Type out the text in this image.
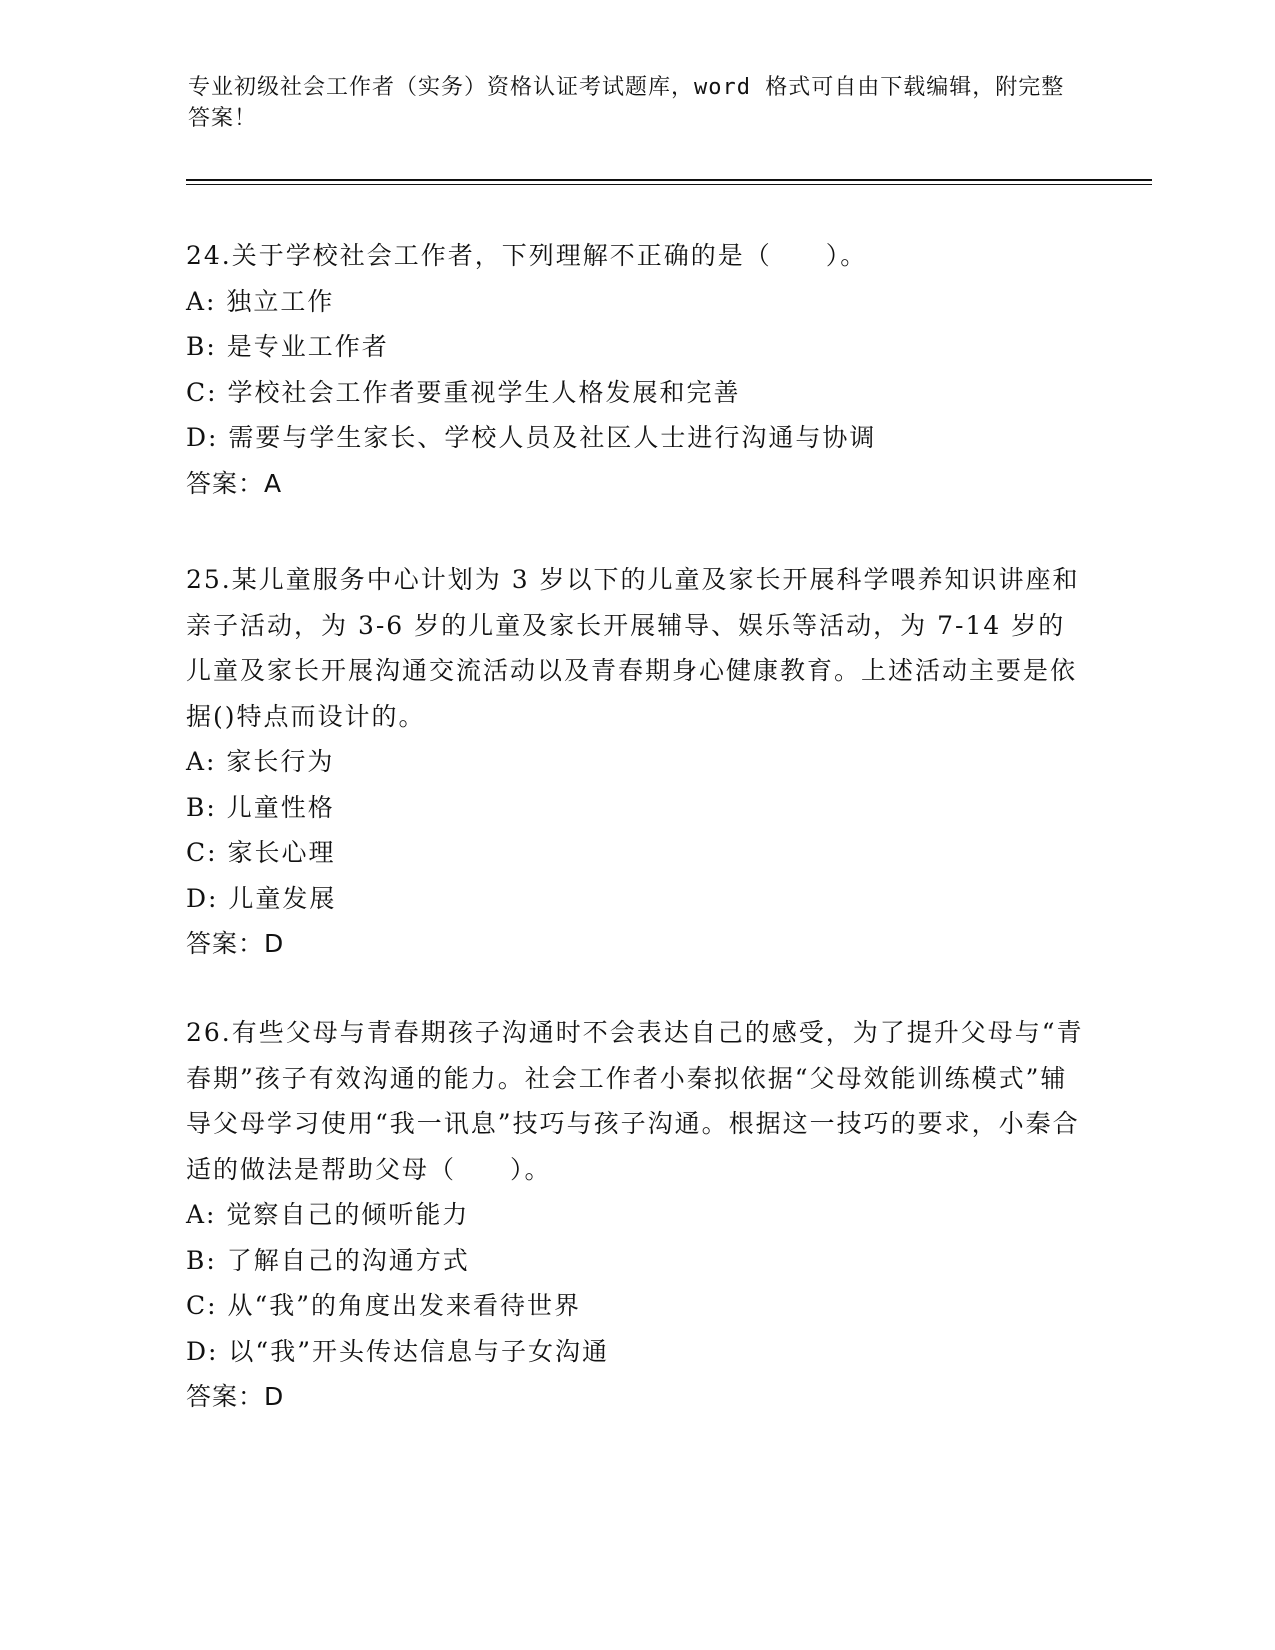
专业初级社会工作者（实务）资格认证考试题库，word 格式可自由下载编辑，附完整答案！

24.关于学校社会工作者，下列理解不正确的是（　　）。

A: 独立工作

B: 是专业工作者

C: 学校社会工作者要重视学生人格发展和完善

D: 需要与学生家长、学校人员及社区人士进行沟通与协调

答案：A

25.某儿童服务中心计划为 3 岁以下的儿童及家长开展科学喂养知识讲座和亲子活动，为 3-6 岁的儿童及家长开展辅导、娱乐等活动，为 7-14 岁的儿童及家长开展沟通交流活动以及青春期身心健康教育。上述活动主要是依据()特点而设计的。

A: 家长行为

B: 儿童性格

C: 家长心理

D: 儿童发展

答案：D

26.有些父母与青春期孩子沟通时不会表达自己的感受，为了提升父母与“青春期”孩子有效沟通的能力。社会工作者小秦拟依据“父母效能训练模式”辅导父母学习使用“我一讯息”技巧与孩子沟通。根据这一技巧的要求，小秦合适的做法是帮助父母（　　）。

A: 觉察自己的倾听能力

B: 了解自己的沟通方式

C: 从“我”的角度出发来看待世界

D: 以“我”开头传达信息与子女沟通

答案：D
